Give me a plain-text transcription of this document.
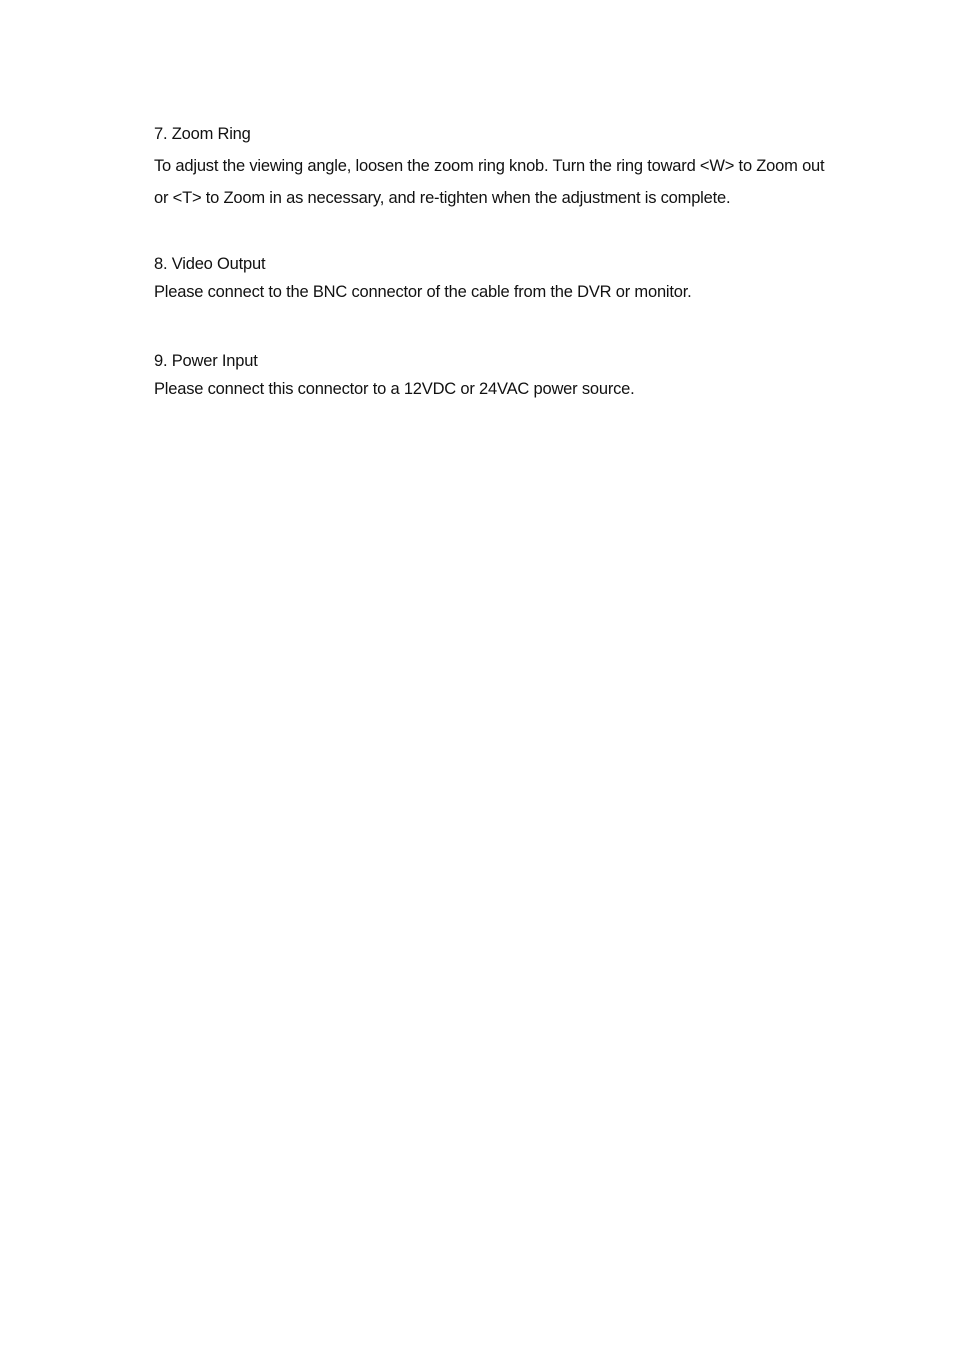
7. Zoom Ring

To adjust the viewing angle, loosen the zoom ring knob. Turn the ring toward <W> to Zoom out or <T> to Zoom in as necessary, and re-tighten when the adjustment is complete.

8. Video Output

Please connect to the BNC connector of the cable from the DVR or monitor.

9. Power Input

Please connect this connector to a 12VDC or 24VAC power source.
